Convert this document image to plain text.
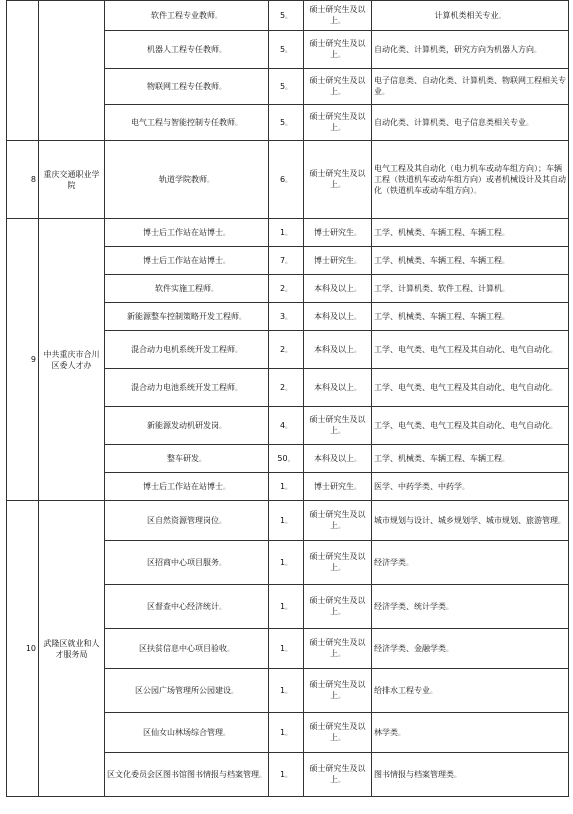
		软件工程专业教师。	5。	硕士研究生及以上。	计算机类相关专业。
		机器人工程专任教师。	5。	硕士研究生及以上。	自动化类、计算机类，研究方向为机器人方向。
		物联网工程专任教师。	5。	硕士研究生及以上。	电子信息类、自动化类、计算机类、物联网工程相关专业。
		电气工程与智能控制专任教师。	5。	硕士研究生及以上。	自动化类、计算机类、电子信息类相关专业。
8	重庆交通职业学院	轨道学院教师。	6。	硕士研究生及以上。	电气工程及其自动化（电力机车或动车组方向）；车辆工程（铁道机车或动车组方向）或者机械设计及其自动化（铁道机车或动车组方向）。
9	中共重庆市合川区委人才办	博士后工作站在站博士。	1。	博士研究生。	工学、机械类、车辆工程、车辆工程。
		博士后工作站在站博士。	7。	博士研究生。	工学、机械类、车辆工程、车辆工程。
		软件实施工程师。	2。	本科及以上。	工学、计算机类、软件工程、计算机。
		新能源整车控制策略开发工程师。	3。	本科及以上。	工学、机械类、车辆工程、车辆工程。
		混合动力电机系统开发工程师。	2。	本科及以上。	工学、电气类、电气工程及其自动化、电气自动化。
		混合动力电池系统开发工程师。	2。	本科及以上。	工学、电气类、电气工程及其自动化、电气自动化。
		新能源发动机研发岗。	4。	硕士研究生及以上。	工学、电气类、电气工程及其自动化、电气自动化。
		整车研发。	50。	本科及以上。	工学、机械类、车辆工程、车辆工程。
		博士后工作站在站博士。	1。	博士研究生。	医学、中药学类、中药学。
10	武隆区就业和人才服务局	区自然资源管理岗位。	1。	硕士研究生及以上。	城市规划与设计、城乡规划学、城市规划、旅游管理。
		区招商中心项目服务。	1。	硕士研究生及以上。	经济学类。
		区督查中心经济统计。	1。	硕士研究生及以上。	经济学类、统计学类。
		区扶贫信息中心项目验收。	1。	硕士研究生及以上。	经济学类、金融学类。
		区公园广场管理所公园建设。	1。	硕士研究生及以上。	给排水工程专业。
		区仙女山林场综合管理。	1。	硕士研究生及以上。	林学类。
		区文化委员会区图书馆图书情报与档案管理。	1。	硕士研究生及以上。	图书情报与档案管理类。
